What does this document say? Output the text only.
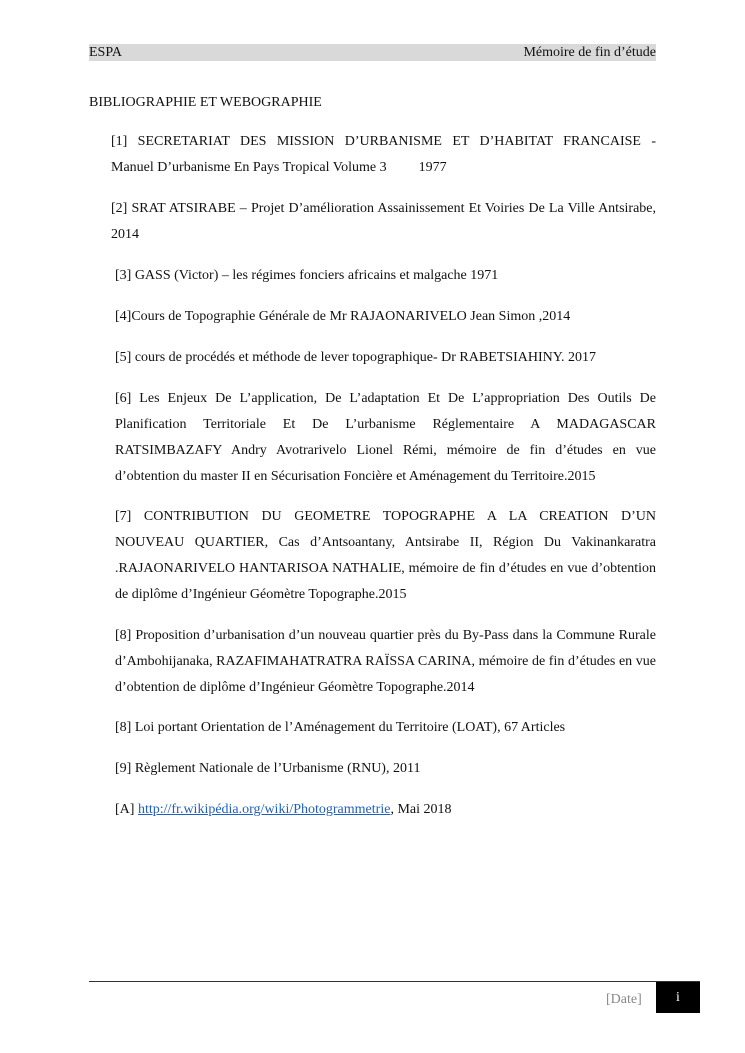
ESPA	Mémoire de fin d’étude
BIBLIOGRAPHIE ET WEBOGRAPHIE
[1] SECRETARIAT DES MISSION D’URBANISME ET D’HABITAT FRANCAISE -
Manuel D’urbanisme En Pays Tropical Volume 3 1977
[2] SRAT ATSIRABE – Projet D’amélioration Assainissement Et Voiries De La Ville Antsirabe, 2014
[3] GASS (Victor) – les régimes fonciers africains et malgache 1971
[4]Cours de Topographie Générale de Mr RAJAONARIVELO Jean Simon ,2014
[5] cours de procédés et méthode de lever topographique- Dr RABETSIAHINY. 2017
[6] Les Enjeux De L’application, De L’adaptation Et De L’appropriation Des Outils De Planification Territoriale Et De L’urbanisme Réglementaire A MADAGASCAR RATSIMBAZAFY Andry Avotrarivelo Lionel Rémi, mémoire de fin d’études en vue d’obtention du master II en Sécurisation Foncière et Aménagement du Territoire.2015
[7] CONTRIBUTION DU GEOMETRE TOPOGRAPHE A LA CREATION D’UN NOUVEAU QUARTIER, Cas d’Antsoantany, Antsirabe II, Région Du Vakinankaratra .RAJAONARIVELO HANTARISOA NATHALIE, mémoire de fin d’études en vue d’obtention de diplôme d’Ingénieur Géomètre Topographe.2015
[8] Proposition d’urbanisation d’un nouveau quartier près du By-Pass dans la Commune Rurale d’Ambohijanaka, RAZAFIMAHATRATRA RAÏSSA CARINA, mémoire de fin d’études en vue d’obtention de diplôme d’Ingénieur Géomètre Topographe.2014
[8] Loi portant Orientation de l’Aménagement du Territoire (LOAT), 67 Articles
[9] Règlement Nationale de l’Urbanisme (RNU), 2011
[A] http://fr.wikipédia.org/wiki/Photogrammetrie, Mai 2018
[Date]	i
